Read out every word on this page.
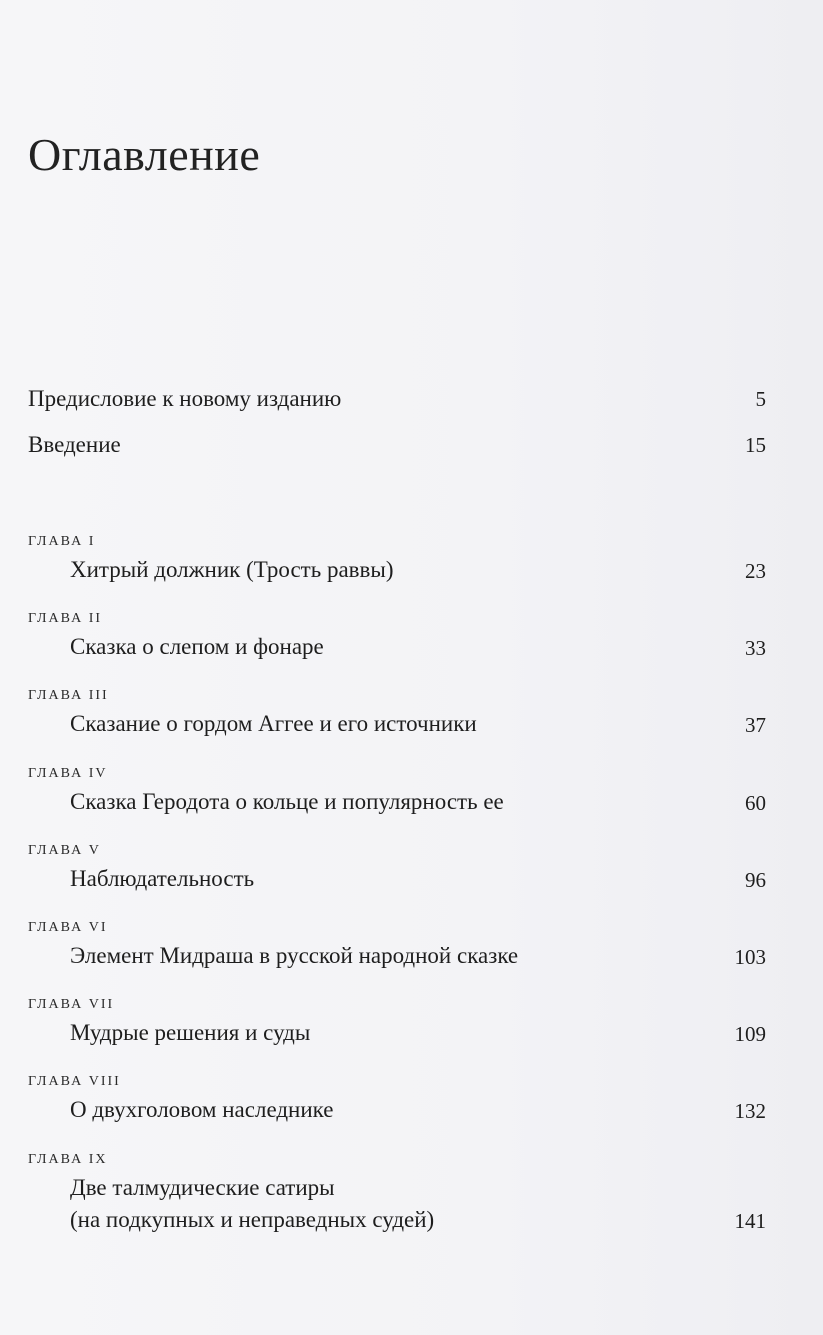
Оглавление
Предисловие к новому изданию	5
Введение	15
ГЛАВА I
Хитрый должник (Трость раввы)	23
ГЛАВА II
Сказка о слепом и фонаре	33
ГЛАВА III
Сказание о гордом Аггее и его источники	37
ГЛАВА IV
Сказка Геродота о кольце и популярность ее	60
ГЛАВА V
Наблюдательность	96
ГЛАВА VI
Элемент Мидраша в русской народной сказке	103
ГЛАВА VII
Мудрые решения и суды	109
ГЛАВА VIII
О двухголовом наследнике	132
ГЛАВА IX
Две талмудические сатиры
(на подкупных и неправедных судей)	141
